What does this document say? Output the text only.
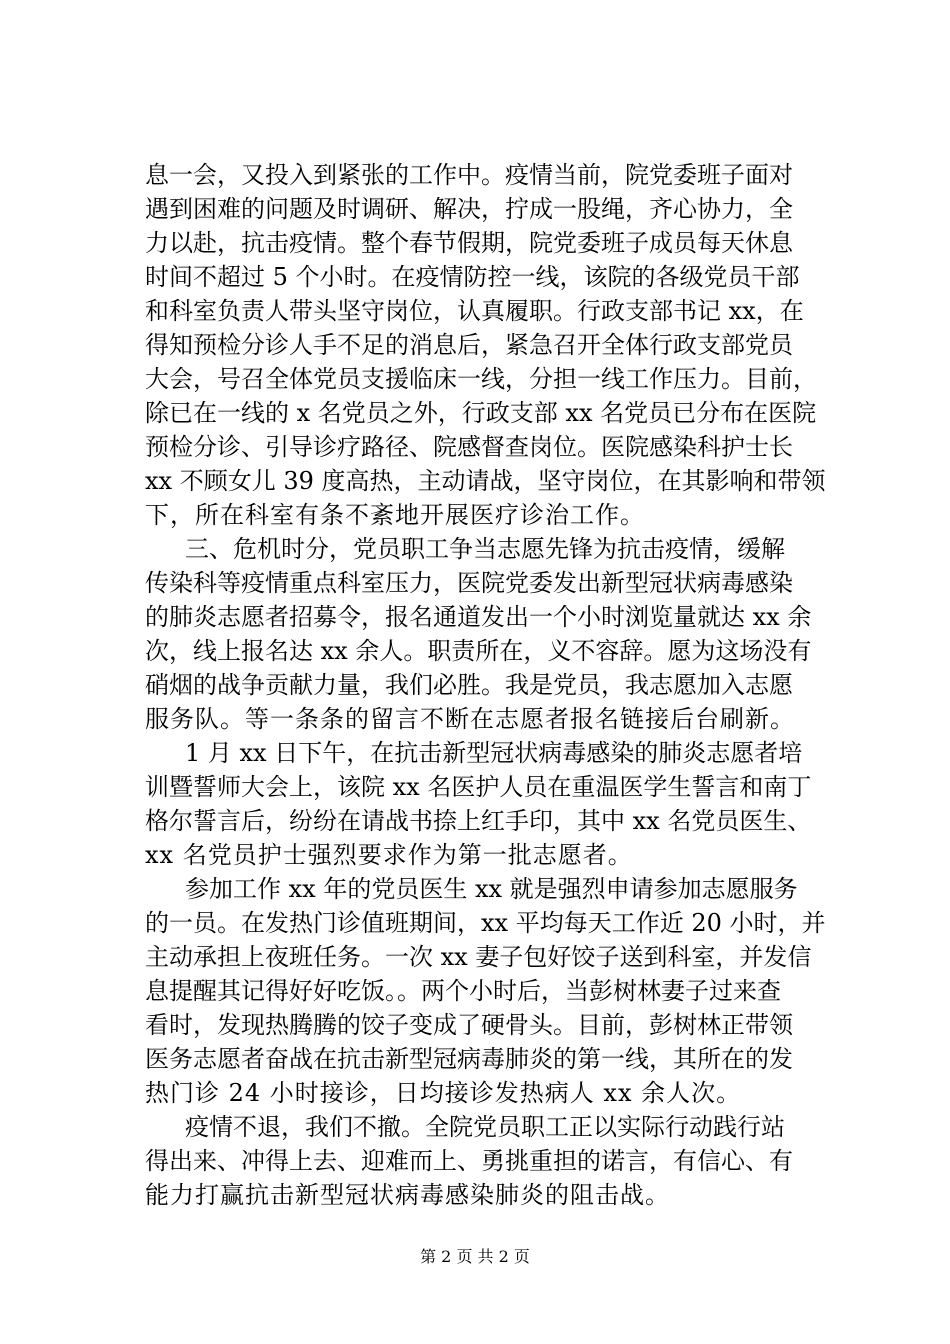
息一会，又投入到紧张的工作中。疫情当前，院党委班子面对
遇到困难的问题及时调研、解决，拧成一股绳，齐心协力，全
力以赴，抗击疫情。整个春节假期，院党委班子成员每天休息
时间不超过 5 个小时。在疫情防控一线，该院的各级党员干部
和科室负责人带头坚守岗位，认真履职。行政支部书记 xx，在
得知预检分诊人手不足的消息后，紧急召开全体行政支部党员
大会，号召全体党员支援临床一线，分担一线工作压力。目前，
除已在一线的 x 名党员之外，行政支部 xx 名党员已分布在医院
预检分诊、引导诊疗路径、院感督查岗位。医院感染科护士长
xx 不顾女儿 39 度高热，主动请战，坚守岗位，在其影响和带领
下，所在科室有条不紊地开展医疗诊治工作。
三、危机时分，党员职工争当志愿先锋为抗击疫情，缓解
传染科等疫情重点科室压力，医院党委发出新型冠状病毒感染
的肺炎志愿者招募令，报名通道发出一个小时浏览量就达 xx 余
次，线上报名达 xx 余人。职责所在，义不容辞。愿为这场没有
硝烟的战争贡献力量，我们必胜。我是党员，我志愿加入志愿
服务队。等一条条的留言不断在志愿者报名链接后台刷新。
1 月 xx 日下午，在抗击新型冠状病毒感染的肺炎志愿者培
训暨誓师大会上，该院 xx 名医护人员在重温医学生誓言和南丁
格尔誓言后，纷纷在请战书捺上红手印，其中 xx 名党员医生、
xx 名党员护士强烈要求作为第一批志愿者。
参加工作 xx 年的党员医生 xx 就是强烈申请参加志愿服务
的一员。在发热门诊值班期间，xx 平均每天工作近 20 小时，并
主动承担上夜班任务。一次 xx 妻子包好饺子送到科室，并发信
息提醒其记得好好吃饭。。两个小时后，当彭树林妻子过来查
看时，发现热腾腾的饺子变成了硬骨头。目前，彭树林正带领
医务志愿者奋战在抗击新型冠病毒肺炎的第一线，其所在的发
热门诊 24 小时接诊，日均接诊发热病人 xx 余人次。
疫情不退，我们不撤。全院党员职工正以实际行动践行站
得出来、冲得上去、迎难而上、勇挑重担的诺言，有信心、有
能力打赢抗击新型冠状病毒感染肺炎的阻击战。
第 2 页 共 2 页
